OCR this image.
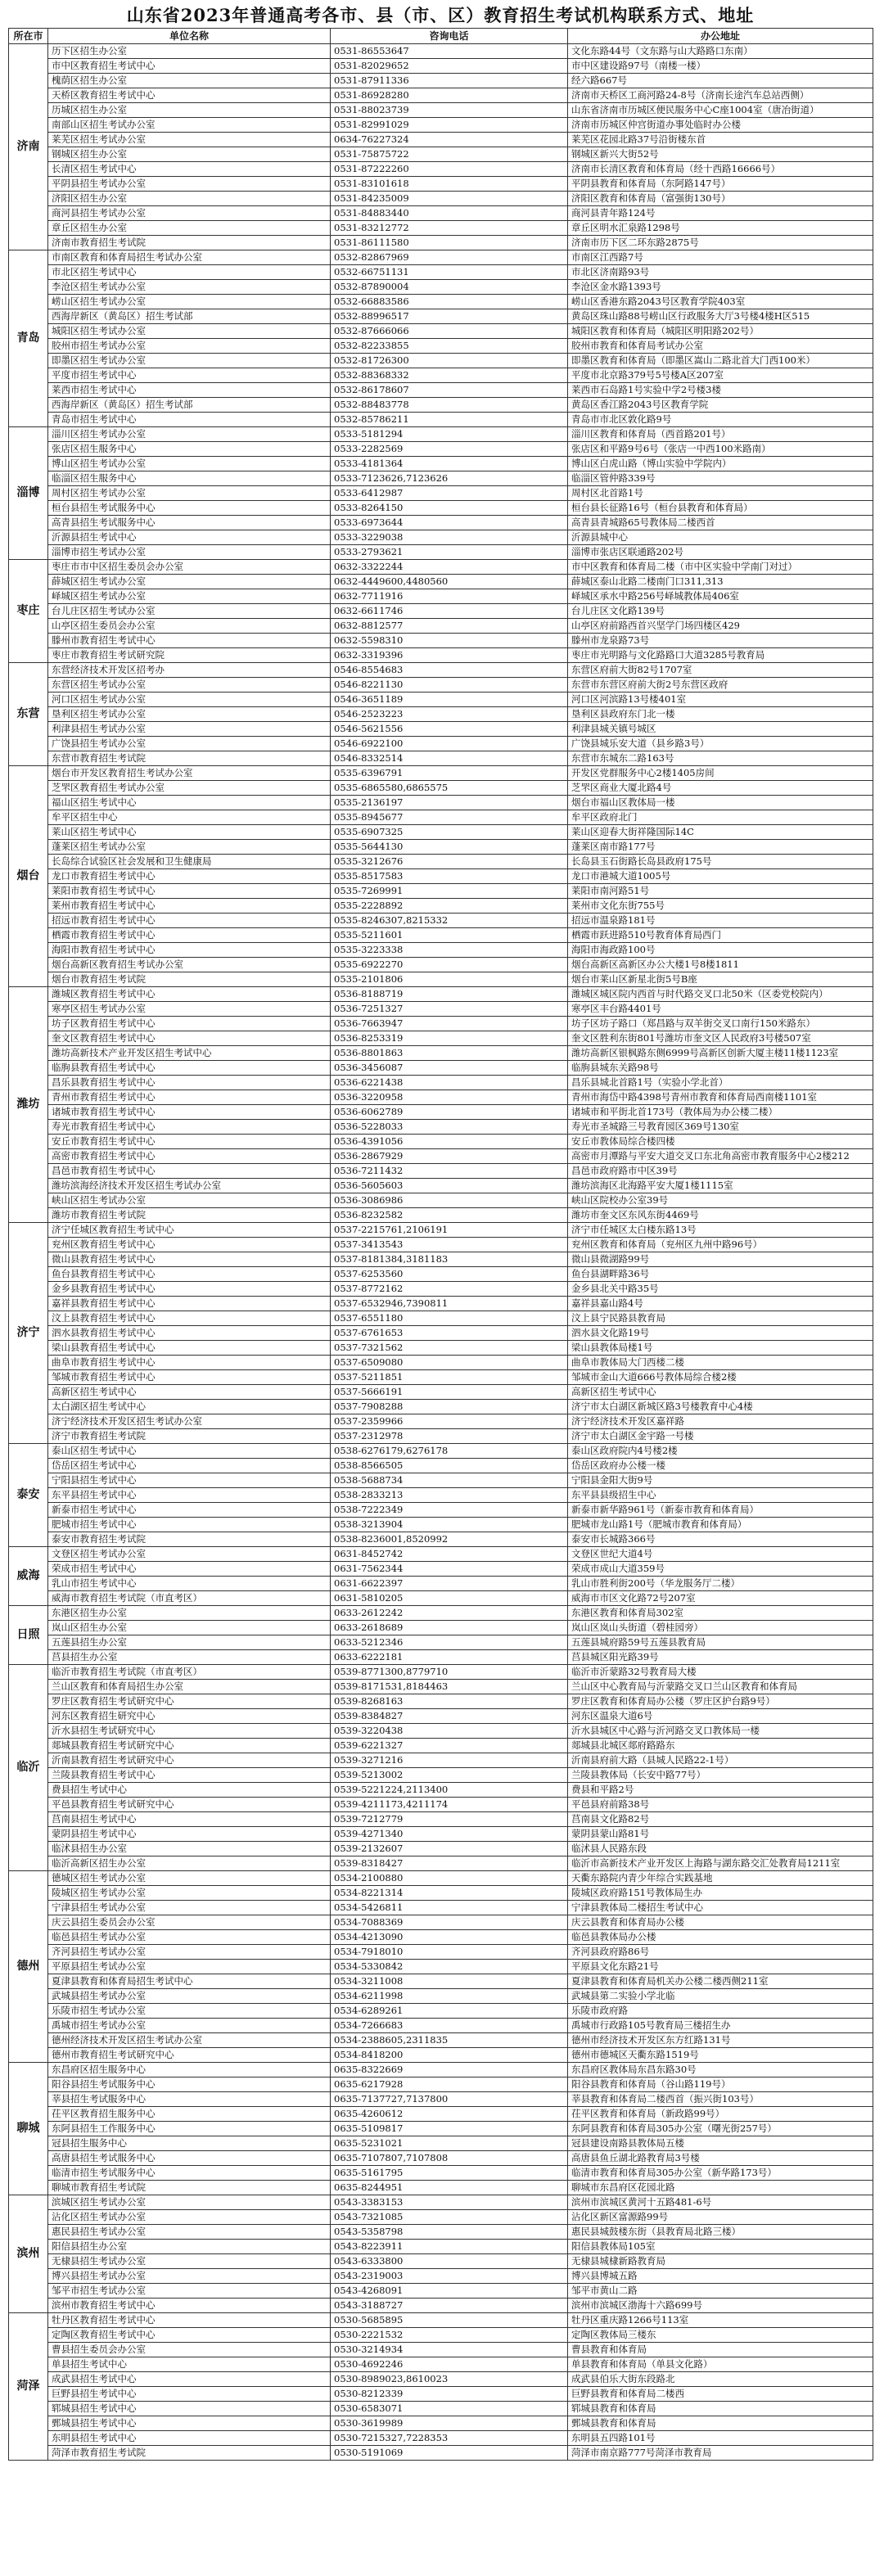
山东省2023年普通高考各市、县（市、区）教育招生考试机构联系方式、地址
所在市	单位名称	咨询电话	办公地址
济南	历下区招生办公室	0531-86553647	文化东路44号（文东路与山大路路口东南）
	市中区教育招生考试中心	0531-82029652	市中区建设路97号（南楼一楼）
	槐荫区招生办公室	0531-87911336	经六路667号
	天桥区教育招生考试中心	0531-86928280	济南市天桥区工商河路24-8号（济南长途汽车总站西侧）
	历城区招生办公室	0531-88023739	山东省济南市历城区便民服务中心C座1004室（唐冶街道）
	南部山区招生考试办公室	0531-82991029	济南市历城区仲宫街道办事处临时办公楼
	莱芜区招生考试办公室	0634-76227324	莱芜区花园北路37号沿街楼东首
	钢城区招生办公室	0531-75875722	钢城区新兴大街52号
	长清区招生考试中心	0531-87222260	济南市长清区教育和体育局（经十西路16666号）
	平阴县招生考试办公室	0531-83101618	平阴县教育和体育局（东阿路147号）
	济阳区招生办公室	0531-84235009	济阳区教育和体育局（富强街130号）
	商河县招生考试办公室	0531-84883440	商河县青年路124号
	章丘区招生办公室	0531-83212772	章丘区明水汇泉路1298号
	济南市教育招生考试院	0531-86111580	济南市历下区二环东路2875号
青岛	市南区教育和体育局招生考试办公室	0532-82867969	市南区江西路7号
	市北区招生考试中心	0532-66751131	市北区济南路93号
	李沧区招生考试办公室	0532-87890004	李沧区金水路1393号
	崂山区招生考试办公室	0532-66883586	崂山区香港东路2043号区教育学院403室
	西海岸新区（黄岛区）招生考试部	0532-88996517	黄岛区珠山路88号崂山区行政服务大厅3号楼4楼H区515
	城阳区招生考试办公室	0532-87666066	城阳区教育和体育局（城阳区明阳路202号）
	胶州市招生考试办公室	0532-82233855	胶州市教育和体育局考试办公室
	即墨区招生考试办公室	0532-81726300	即墨区教育和体育局（即墨区嵩山二路北首大门西100米）
	平度市招生考试中心	0532-88368332	平度市北京路379号5号楼A区207室
	莱西市招生考试中心	0532-86178607	莱西市石岛路1号实验中学2号楼3楼
	西海岸新区（黄岛区）招生考试部	0532-88483778	黄岛区香江路2043号区教育学院
	青岛市招生考试中心	0532-85786211	青岛市市北区敦化路9号
淄博	淄川区招生考试办公室	0533-5181294	淄川区教育和体育局（西首路201号）
	张店区招生服务中心	0533-2282569	张店区和平路9号6号（张店一中西100米路南）
	博山区招生考试办公室	0533-4181364	博山区白虎山路（博山实验中学院内）
	临淄区招生服务中心	0533-7123626,7123626	临淄区管仲路339号
	周村区招生考试办公室	0533-6412987	周村区北首路1号
	桓台县招生考试服务中心	0533-8264150	桓台县长征路16号（桓台县教育和体育局）
	高青县招生考试服务中心	0533-6973644	高青县青城路65号教体局二楼西首
	沂源县招生考试中心	0533-3229038	沂源县城中心
	淄博市招生考试办公室	0533-2793621	淄博市张店区联通路202号
枣庄	枣庄市市中区招生委员会办公室	0632-3322244	市中区教育和体育局二楼（市中区实验中学南门对过）
	薛城区招生考试办公室	0632-4449600,4480560	薛城区泰山北路二楼南门口311,313
	峄城区招生考试办公室	0632-7711916	峄城区承水中路256号峄城教体局406室
	台儿庄区招生考试办公室	0632-6611746	台儿庄区文化路139号
	山亭区招生委员会办公室	0632-8812577	山亭区府前路西首兴坚学门场四楼区429
	滕州市教育招生考试中心	0632-5598310	滕州市龙泉路73号
	枣庄市教育招生考试研究院	0632-3319396	枣庄市光明路与文化路路口大道3285号教育局
东营	东营经济技术开发区招考办	0546-8554683	东营区府前大街82号1707室
	东营区招生考试办公室	0546-8221130	东营市东营区府前大街2号东营区政府
	河口区招生考试办公室	0546-3651189	河口区河滨路13号楼401室
	垦利区招生考试办公室	0546-2523223	垦利区县政府东门北一楼
	利津县招生考试办公室	0546-5621556	利津县城关镇号城区
	广饶县招生考试办公室	0546-6922100	广饶县城乐安大道（县乡路3号）
	东营市教育招生考试院	0546-8332514	东营市东城东二路163号
烟台	烟台市开发区教育招生考试办公室	0535-6396791	开发区党群服务中心2楼1405房间
	芝罘区教育招生考试办公室	0535-6865580,6865575	芝罘区商业大厦北路4号
	福山区招生考试中心	0535-2136197	烟台市福山区教体局一楼
	牟平区招生中心	0535-8945677	牟平区政府北门
	莱山区招生考试中心	0535-6907325	莱山区迎春大街祥隆国际14C
	蓬莱区招生考试办公室	0535-5644130	蓬莱区南市路177号
	长岛综合试验区社会发展和卫生健康局	0535-3212676	长岛县玉石街路长岛县政府175号
	龙口市教育招生考试中心	0535-8517583	龙口市港城大道1005号
	莱阳市教育招生考试中心	0535-7269991	莱阳市南河路51号
	莱州市教育招生考试中心	0535-2228892	莱州市文化东街755号
	招远市教育招生考试中心	0535-8246307,8215332	招远市温泉路181号
	栖霞市教育招生考试中心	0535-5211601	栖霞市跃进路510号教育体育局西门
	海阳市教育招生考试中心	0535-3223338	海阳市海政路100号
	烟台高新区教育招生考试办公室	0535-6922270	烟台高新区高新区办公大楼1号8楼1811
	烟台市教育招生考试院	0535-2101806	烟台市莱山区新星北街5号B座
潍坊	潍城区教育招生考试中心	0536-8188719	潍城区城区院内西首与时代路交叉口北50米（区委党校院内）
	寒亭区招生考试办公室	0536-7251327	寒亭区丰台路4401号
	坊子区教育招生考试中心	0536-7663947	坊子区坊子路口（郑昌路与双羊街交叉口南行150米路东）
	奎文区教育招生考试中心	0536-8253319	奎文区胜利东街801号潍坊市奎文区人民政府3号楼507室
	潍坊高新技术产业开发区招生考试中心	0536-8801863	潍坊高新区银枫路东侧6999号高新区创新大厦主楼11楼1123室
	临朐县教育招生考试中心	0536-3456087	临朐县城东关路98号
	昌乐县教育招生考试中心	0536-6221438	昌乐县城北首路1号（实验小学北首）
	青州市教育招生考试中心	0536-3220958	青州市海岱中路4398号青州市教育和体育局西南楼1101室
	诸城市教育招生考试中心	0536-6062789	诸城市和平街北首173号（教体局为办公楼二楼）
	寿光市教育招生考试中心	0536-5228033	寿光市圣城路三号教育园区369号130室
	安丘市教育招生考试中心	0536-4391056	安丘市教体局综合楼四楼
	高密市教育招生考试中心	0536-2867929	高密市月潭路与平安大道交叉口东北角高密市教育服务中心2楼212
	昌邑市教育招生考试中心	0536-7211432	昌邑市政府路市中区39号
	潍坊滨海经济技术开发区招生考试办公室	0536-5605603	潍坊滨海区北海路平安大厦1楼1115室
	峡山区招生考试办公室	0536-3086986	峡山区院校办公室39号
	潍坊市教育招生考试院	0536-8232582	潍坊市奎文区东风东街4469号
济宁	济宁任城区教育招生考试中心	0537-2215761,2106191	济宁市任城区太白楼东路13号
	兖州区教育招生考试中心	0537-3413543	兖州区教育和体育局（兖州区九州中路96号）
	微山县教育招生考试中心	0537-8181384,3181183	微山县微湖路99号
	鱼台县教育招生考试中心	0537-6253560	鱼台县湖畔路36号
	金乡县教育招生考试中心	0537-8772162	金乡县北关中路35号
	嘉祥县教育招生考试中心	0537-6532946,7390811	嘉祥县嘉山路4号
	汶上县教育招生考试中心	0537-6551180	汶上县宁民路县教育局
	泗水县教育招生考试中心	0537-6761653	泗水县文化路19号
	梁山县教育招生考试中心	0537-7321562	梁山县教体局楼1号
	曲阜市教育招生考试中心	0537-6509080	曲阜市教体局大门西楼二楼
	邹城市教育招生考试中心	0537-5211851	邹城市金山大道666号教体局综合楼2楼
	高新区招生考试中心	0537-5666191	高新区招生考试中心
	太白湖区招生考试中心	0537-7908288	济宁市太白湖区新城区路3号楼教育中心4楼
	济宁经济技术开发区招生考试办公室	0537-2359966	济宁经济技术开发区嘉祥路
	济宁市教育招生考试院	0537-2312978	济宁市太白湖区金宇路一号楼
泰安	泰山区招生考试中心	0538-6276179,6276178	泰山区政府院内4号楼2楼
	岱岳区招生考试中心	0538-8566505	岱岳区政府办公楼一楼
	宁阳县招生考试中心	0538-5688734	宁阳县金阳大街9号
	东平县招生考试中心	0538-2833213	东平县县级招生中心
	新泰市招生考试中心	0538-7222349	新泰市新华路961号（新泰市教育和体育局）
	肥城市招生考试中心	0538-3213904	肥城市龙山路1号（肥城市教育和体育局）
	泰安市教育招生考试院	0538-8236001,8520992	泰安市长城路366号
威海	文登区招生考试办公室	0631-8452742	文登区世纪大道4号
	荣成市招生考试中心	0631-7562344	荣成市成山大道359号
	乳山市招生考试中心	0631-6622397	乳山市胜利街200号（华龙服务厅二楼）
	威海市教育招生考试院（市直考区）	0631-5810205	威海市市区文化路72号207室
日照	东港区招生办公室	0633-2612242	东港区教育和体育局302室
	岚山区招生办公室	0633-2618689	岚山区岚山头街道（碧桂园旁）
	五莲县招生办公室	0633-5212346	五莲县城府路59号五莲县教育局
	莒县招生办公室	0633-6222181	莒县城区阳光路39号
临沂	临沂市教育招生考试院（市直考区）	0539-8771300,8779710	临沂市沂蒙路32号教育局大楼
	兰山区教育和体育局招生办公室	0539-8171531,8184463	兰山区中心教育局与沂蒙路交叉口兰山区教育和体育局
	罗庄区教育招生考试研究中心	0539-8268163	罗庄区教育和体育局办公楼（罗庄区护台路9号）
	河东区教育招生研究中心	0539-8384827	河东区温泉大道6号
	沂水县招生考试研究中心	0539-3220438	沂水县城区中心路与沂河路交叉口教体局一楼
	郯城县教育招生考试研究中心	0539-6221327	郯城县北城区郯府路路东
	沂南县教育招生考试研究中心	0539-3271216	沂南县府前大路（县城人民路22-1号）
	兰陵县教育招生考试中心	0539-5213002	兰陵县教体局（长安中路77号）
	费县招生考试中心	0539-5221224,2113400	费县和平路2号
	平邑县教育招生考试研究中心	0539-4211173,4211174	平邑县府前路38号
	莒南县招生考试中心	0539-7212779	莒南县文化路82号
	蒙阴县招生考试中心	0539-4271340	蒙阴县蒙山路81号
	临沭县招生办公室	0539-2132607	临沭县人民路东段
	临沂高新区招生办公室	0539-8318427	临沂市高新技术产业开发区上海路与湖东路交汇处教育局1211室
德州	德城区招生考试办公室	0534-2100880	天衢东路院内青少年综合实践基地
	陵城区招生考试办公室	0534-8221314	陵城区政府路151号教体局生办
	宁津县招生考试办公室	0534-5426811	宁津县教体局二楼招生考试中心
	庆云县招生委员会办公室	0534-7088369	庆云县教育和体育局办公楼
	临邑县招生考试办公室	0534-4213090	临邑县教体局办公楼
	齐河县招生考试办公室	0534-7918010	齐河县政府路86号
	平原县招生考试办公室	0534-5330842	平原县文化东路21号
	夏津县教育和体育局招生考试中心	0534-3211008	夏津县教育和体育局机关办公楼二楼西侧211室
	武城县招生考试办公室	0534-6211998	武城县第二实验小学北临
	乐陵市招生考试办公室	0534-6289261	乐陵市政府路
	禹城市招生考试办公室	0534-7266683	禹城市行政路105号教育局三楼招生办
	德州经济技术开发区招生考试办公室	0534-2388605,2311835	德州市经济技术开发区东方红路131号
	德州市教育招生考试研究中心	0534-8418200	德州市德城区天衢东路1519号
聊城	东昌府区招生服务中心	0635-8322669	东昌府区教体局东昌东路30号
	阳谷县招生考试服务中心	0635-6217928	阳谷县教育和体育局（谷山路119号）
	莘县招生考试服务中心	0635-7137727,7137800	莘县教育和体育局二楼西首（振兴街103号）
	茌平区教育招生服务中心	0635-4260612	茌平区教育和体育局（新政路99号）
	东阿县招生工作服务中心	0635-5109817	东阿县教育和体育局305办公室（曙光街257号）
	冠县招生服务中心	0635-5231021	冠县建设南路县教体局五楼
	高唐县招生考试服务中心	0635-7107807,7107808	高唐县鱼丘湖北路教育局3号楼
	临清市招生考试服务中心	0635-5161795	临清市教育和体育局305办公室（新华路173号）
	聊城市教育招生考试院	0635-8244951	聊城市东昌府区花园北路
滨州	滨城区招生考试办公室	0543-3383153	滨州市滨城区黄河十五路481-6号
	沾化区招生考试办公室	0543-7321085	沾化区新区富源路99号
	惠民县招生考试办公室	0543-5358798	惠民县城鼓楼东街（县教育局北路三楼）
	阳信县招生办公室	0543-8223911	阳信县教体局105室
	无棣县招生考试办公室	0543-6333800	无棣县城棣新路教育局
	博兴县招生考试办公室	0543-2319003	博兴县博城五路
	邹平市招生考试办公室	0543-4268091	邹平市黄山二路
	滨州市教育招生考试中心	0543-3188727	滨州市滨城区渤海十六路699号
菏泽	牡丹区教育招生考试中心	0530-5685895	牡丹区重庆路1266号113室
	定陶区教育招生考试中心	0530-2221532	定陶区教体局三楼东
	曹县招生委员会办公室	0530-3214934	曹县教育和体育局
	单县招生考试中心	0530-4692246	单县教育和体育局（单县文化路）
	成武县招生考试中心	0530-8989023,8610023	成武县伯乐大街东段路北
	巨野县招生考试中心	0530-8212339	巨野县教育和体育局二楼西
	郓城县招生考试中心	0530-6583071	郓城县教育和体育局
	鄄城县招生考试中心	0530-3619989	鄄城县教育和体育局
	东明县招生考试中心	0530-7215327,7228353	东明县五四路101号
	菏泽市教育招生考试院	0530-5191069	菏泽市南京路777号菏泽市教育局
